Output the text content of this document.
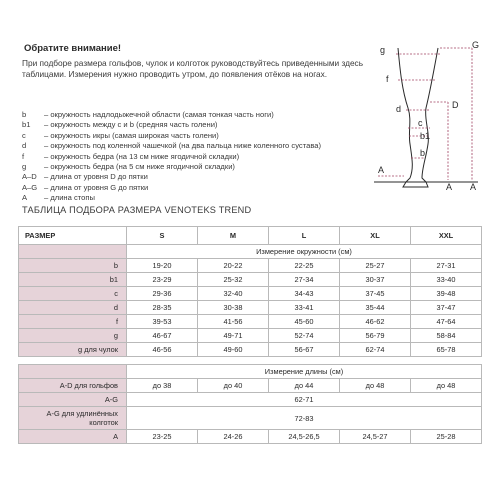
Обратите внимание!
При подборе размера гольфов, чулок и колготок руководствуйтесь приведенными здесь таблицами. Измерения нужно проводить утром, до появления отёков на ногах.
b	– окружность надлодыжечной области (самая тонкая часть ноги)
b1	– окружность между c и b (средняя часть голени)
c	– окружность икры (самая широкая часть голени)
d	– окружность под коленной чашечкой (на два пальца ниже коленного сустава)
f	– окружность бедра (на 13 см ниже ягодичной складки)
g	– окружность бедра (на 5 см ниже ягодичной складки)
A–D – длина от уровня D до пятки
A–G – длина от уровня G до пятки
A	– длина стопы
g	G
f
D
d
c
b1
b
A
A A
ТАБЛИЦА ПОДБОРА РАЗМЕРА VENOTEKS TREND
РАЗМЕР	S	M	L	XL	XXL
	Измерение окружности (см)				
b	19-20	20-22	22-25	25-27	27-31
b1	23-29	25-32	27-34	30-37	33-40
c	29-36	32-40	34-43	37-45	39-48
d	28-35	30-38	33-41	35-44	37-47
f	39-53	41-56	45-60	46-62	47-64
g	46-67	49-71	52-74	56-79	58-84
g для чулок	46-56	49-60	56-67	62-74	65-78

	Измерение длины (см)				
A-D для гольфов	до 38	до 40	до 44	до 48	до 48
A-G	62-71				
A-G для удлинённых колготок	72-83				
A	23-25	24-26	24,5-26,5	24,5-27	25-28
